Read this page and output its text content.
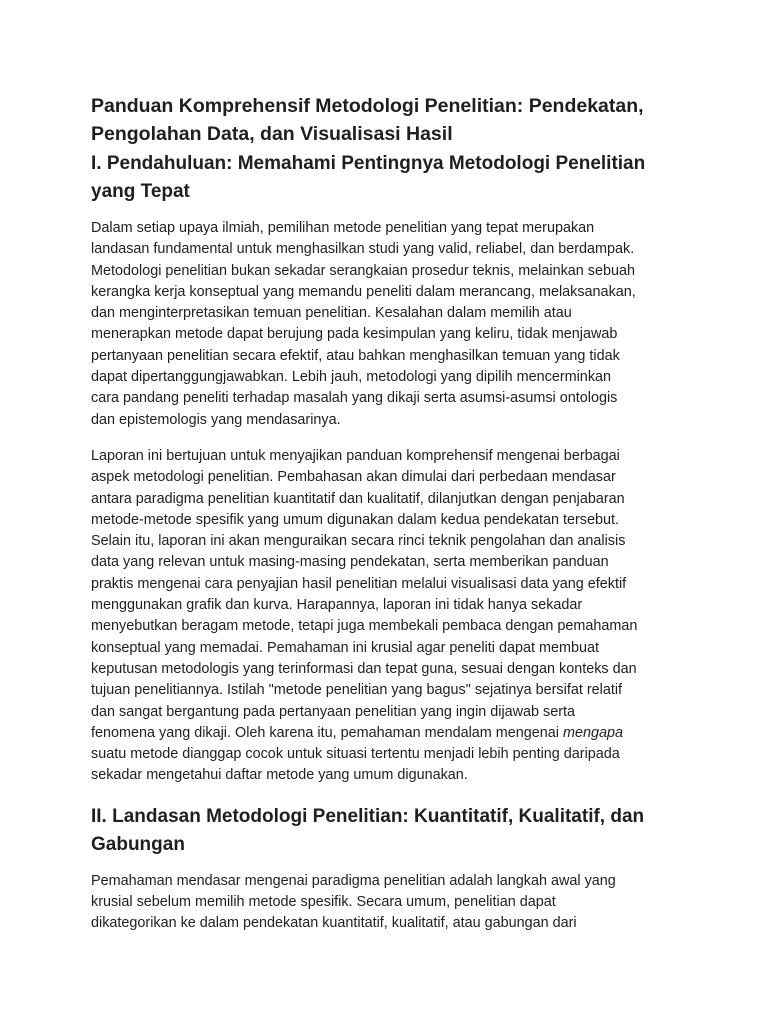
Panduan Komprehensif Metodologi Penelitian: Pendekatan,
Pengolahan Data, dan Visualisasi Hasil
I. Pendahuluan: Memahami Pentingnya Metodologi Penelitian
yang Tepat

Dalam setiap upaya ilmiah, pemilihan metode penelitian yang tepat merupakan
landasan fundamental untuk menghasilkan studi yang valid, reliabel, dan berdampak.
Metodologi penelitian bukan sekadar serangkaian prosedur teknis, melainkan sebuah
kerangka kerja konseptual yang memandu peneliti dalam merancang, melaksanakan,
dan menginterpretasikan temuan penelitian. Kesalahan dalam memilih atau
menerapkan metode dapat berujung pada kesimpulan yang keliru, tidak menjawab
pertanyaan penelitian secara efektif, atau bahkan menghasilkan temuan yang tidak
dapat dipertanggungjawabkan. Lebih jauh, metodologi yang dipilih mencerminkan
cara pandang peneliti terhadap masalah yang dikaji serta asumsi-asumsi ontologis
dan epistemologis yang mendasarinya.

Laporan ini bertujuan untuk menyajikan panduan komprehensif mengenai berbagai
aspek metodologi penelitian. Pembahasan akan dimulai dari perbedaan mendasar
antara paradigma penelitian kuantitatif dan kualitatif, dilanjutkan dengan penjabaran
metode-metode spesifik yang umum digunakan dalam kedua pendekatan tersebut.
Selain itu, laporan ini akan menguraikan secara rinci teknik pengolahan dan analisis
data yang relevan untuk masing-masing pendekatan, serta memberikan panduan
praktis mengenai cara penyajian hasil penelitian melalui visualisasi data yang efektif
menggunakan grafik dan kurva. Harapannya, laporan ini tidak hanya sekadar
menyebutkan beragam metode, tetapi juga membekali pembaca dengan pemahaman
konseptual yang memadai. Pemahaman ini krusial agar peneliti dapat membuat
keputusan metodologis yang terinformasi dan tepat guna, sesuai dengan konteks dan
tujuan penelitiannya. Istilah "metode penelitian yang bagus" sejatinya bersifat relatif
dan sangat bergantung pada pertanyaan penelitian yang ingin dijawab serta
fenomena yang dikaji. Oleh karena itu, pemahaman mendalam mengenai mengapa
suatu metode dianggap cocok untuk situasi tertentu menjadi lebih penting daripada
sekadar mengetahui daftar metode yang umum digunakan.

II. Landasan Metodologi Penelitian: Kuantitatif, Kualitatif, dan
Gabungan

Pemahaman mendasar mengenai paradigma penelitian adalah langkah awal yang
krusial sebelum memilih metode spesifik. Secara umum, penelitian dapat
dikategorikan ke dalam pendekatan kuantitatif, kualitatif, atau gabungan dari
